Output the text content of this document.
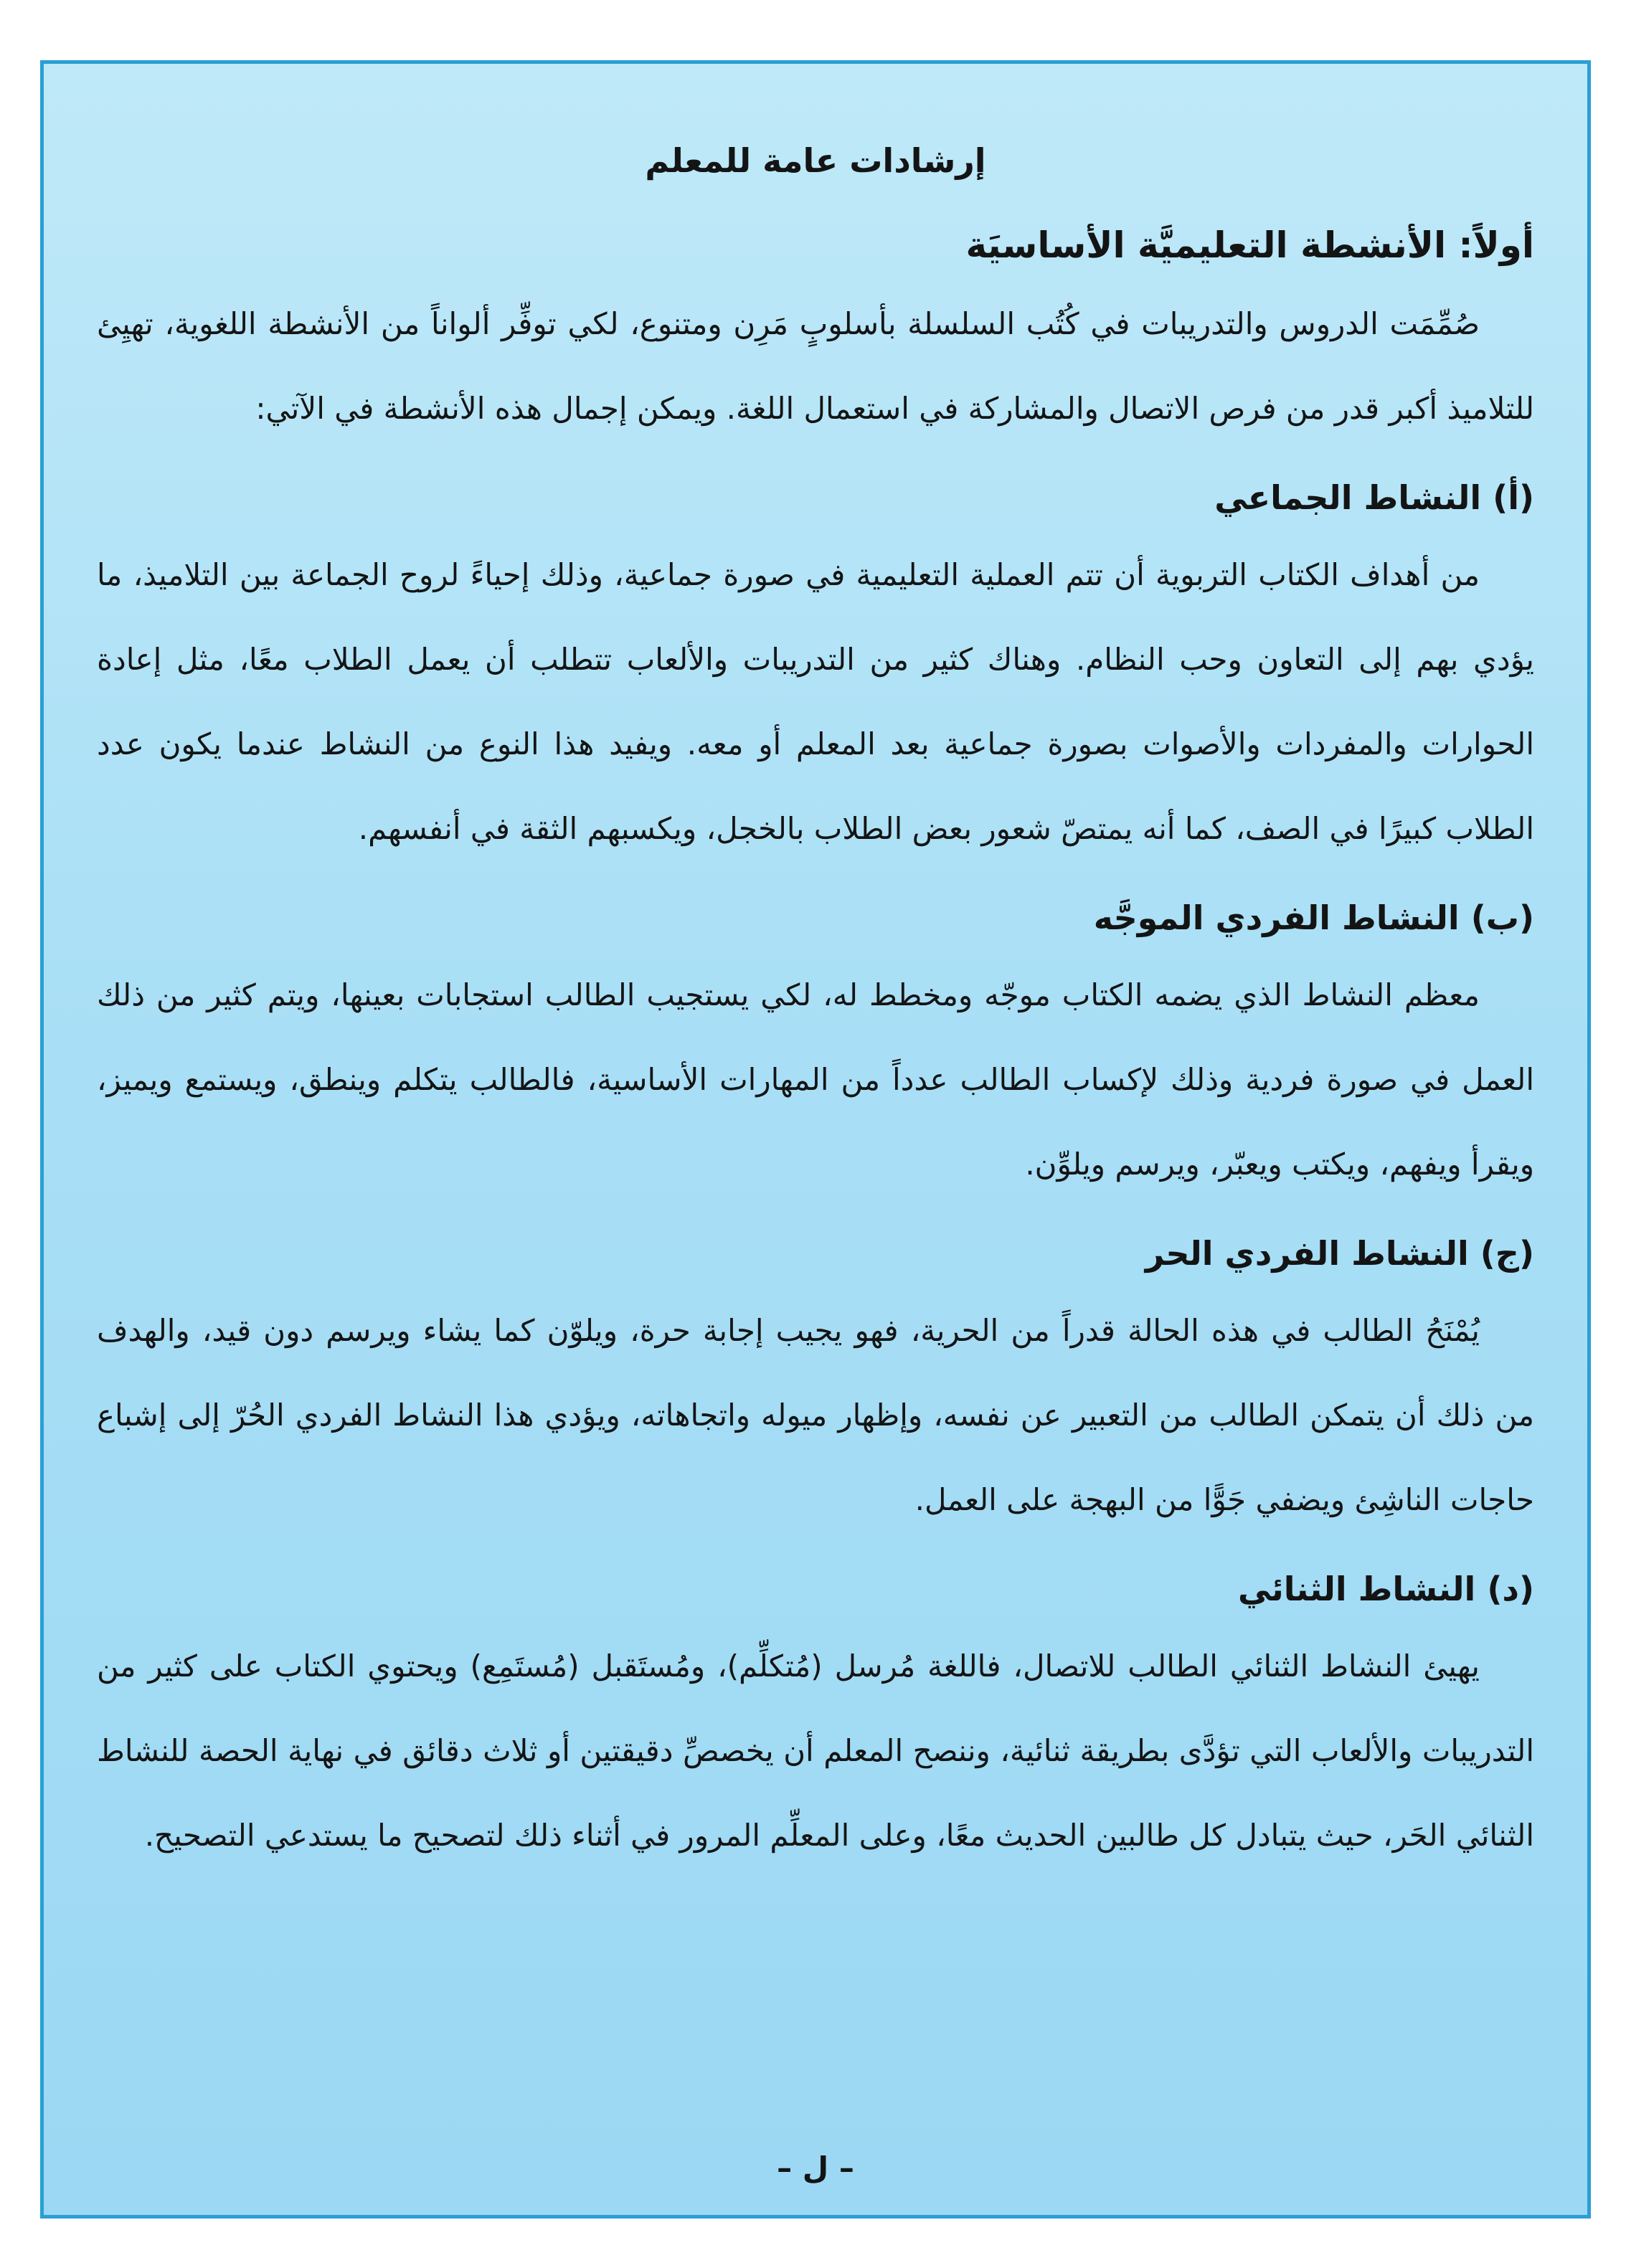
إرشادات عامة للمعلم
أولاً: الأنشطة التعليميَّة الأساسيَة

صُمِّمَت الدروس والتدريبات في كُتُب السلسلة بأسلوبٍ مَرِن ومتنوع، لكي توفِّر ألواناً من الأنشطة اللغوية، تهيِئ للتلاميذ أكبر قدر من فرص الاتصال والمشاركة في استعمال اللغة. ويمكن إجمال هذه الأنشطة في الآتي:

(أ) النشاط الجماعي

من أهداف الكتاب التربوية أن تتم العملية التعليمية في صورة جماعية، وذلك إحياءً لروح الجماعة بين التلاميذ، ما يؤدي بهم إلى التعاون وحب النظام. وهناك كثير من التدريبات والألعاب تتطلب أن يعمل الطلاب معًا، مثل إعادة الحوارات والمفردات والأصوات بصورة جماعية بعد المعلم أو معه. ويفيد هذا النوع من النشاط عندما يكون عدد الطلاب كبيرًا في الصف، كما أنه يمتصّ شعور بعض الطلاب بالخجل، ويكسبهم الثقة في أنفسهم.

(ب) النشاط الفردي الموجَّه

معظم النشاط الذي يضمه الكتاب موجّه ومخطط له، لكي يستجيب الطالب استجابات بعينها، ويتم كثير من ذلك العمل في صورة فردية وذلك لإكساب الطالب عدداً من المهارات الأساسية، فالطالب يتكلم وينطق، ويستمع ويميز، ويقرأ ويفهم، ويكتب ويعبّر، ويرسم ويلوِّن.

(ج) النشاط الفردي الحر

يُمْنَحُ الطالب في هذه الحالة قدراً من الحرية، فهو يجيب إجابة حرة، ويلوّن كما يشاء ويرسم دون قيد، والهدف من ذلك أن يتمكن الطالب من التعبير عن نفسه، وإظهار ميوله واتجاهاته، ويؤدي هذا النشاط الفردي الحُرّ إلى إشباع حاجات الناشِئ ويضفي جَوًّا من البهجة على العمل.

(د) النشاط الثنائي

يهيئ النشاط الثنائي الطالب للاتصال، فاللغة مُرسل (مُتكلِّم)، ومُستَقبل (مُستَمِع) ويحتوي الكتاب على كثير من التدريبات والألعاب التي تؤدَّى بطريقة ثنائية، وننصح المعلم أن يخصصِّ دقيقتين أو ثلاث دقائق في نهاية الحصة للنشاط الثنائي الحَر، حيث يتبادل كل طالبين الحديث معًا، وعلى المعلِّم المرور في أثناء ذلك لتصحيح ما يستدعي التصحيح.

– ل –
